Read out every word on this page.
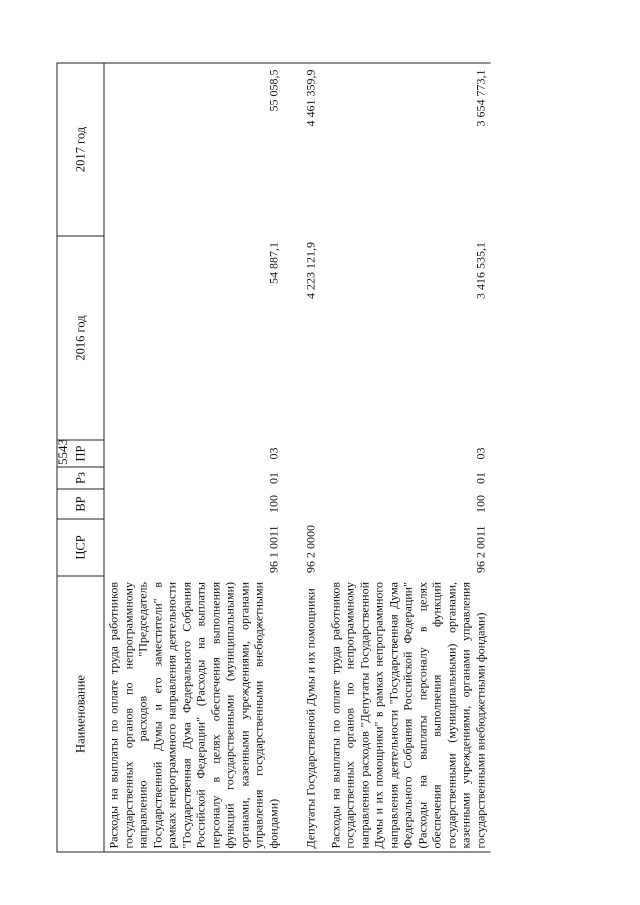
5543
Наименование	ЦСР	ВР	Рз	ПР	2016 год	2017 год
Расходы на выплаты по оплате труда работников государственных органов по непрограммному направлению расходов "Председатель Государственной Думы и его заместители" в рамках непрограммного направления деятельности "Государственная Дума Федерального Собрания Российской Федерации" (Расходы на выплаты персоналу в целях обеспечения выполнения функций государственными (муниципальными) органами, казенными учреждениями, органами управления государственными внебюджетными фондами)	96 1 0011	100	01	03	54 887,1	55 058,5
Депутаты Государственной Думы и их помощники	96 2 0000				4 223 121,9	4 461 359,9
Расходы на выплаты по оплате труда работников государственных органов по непрограммному направлению расходов "Депутаты Государственной Думы и их помощники" в рамках непрограммного направления деятельности "Государственная Дума Федерального Собрания Российской Федерации" (Расходы на выплаты персоналу в целях обеспечения выполнения функций государственными (муниципальными) органами, казенными учреждениями, органами управления государственными внебюджетными фондами)	96 2 0011	100	01	03	3 416 535,1	3 654 773,1
